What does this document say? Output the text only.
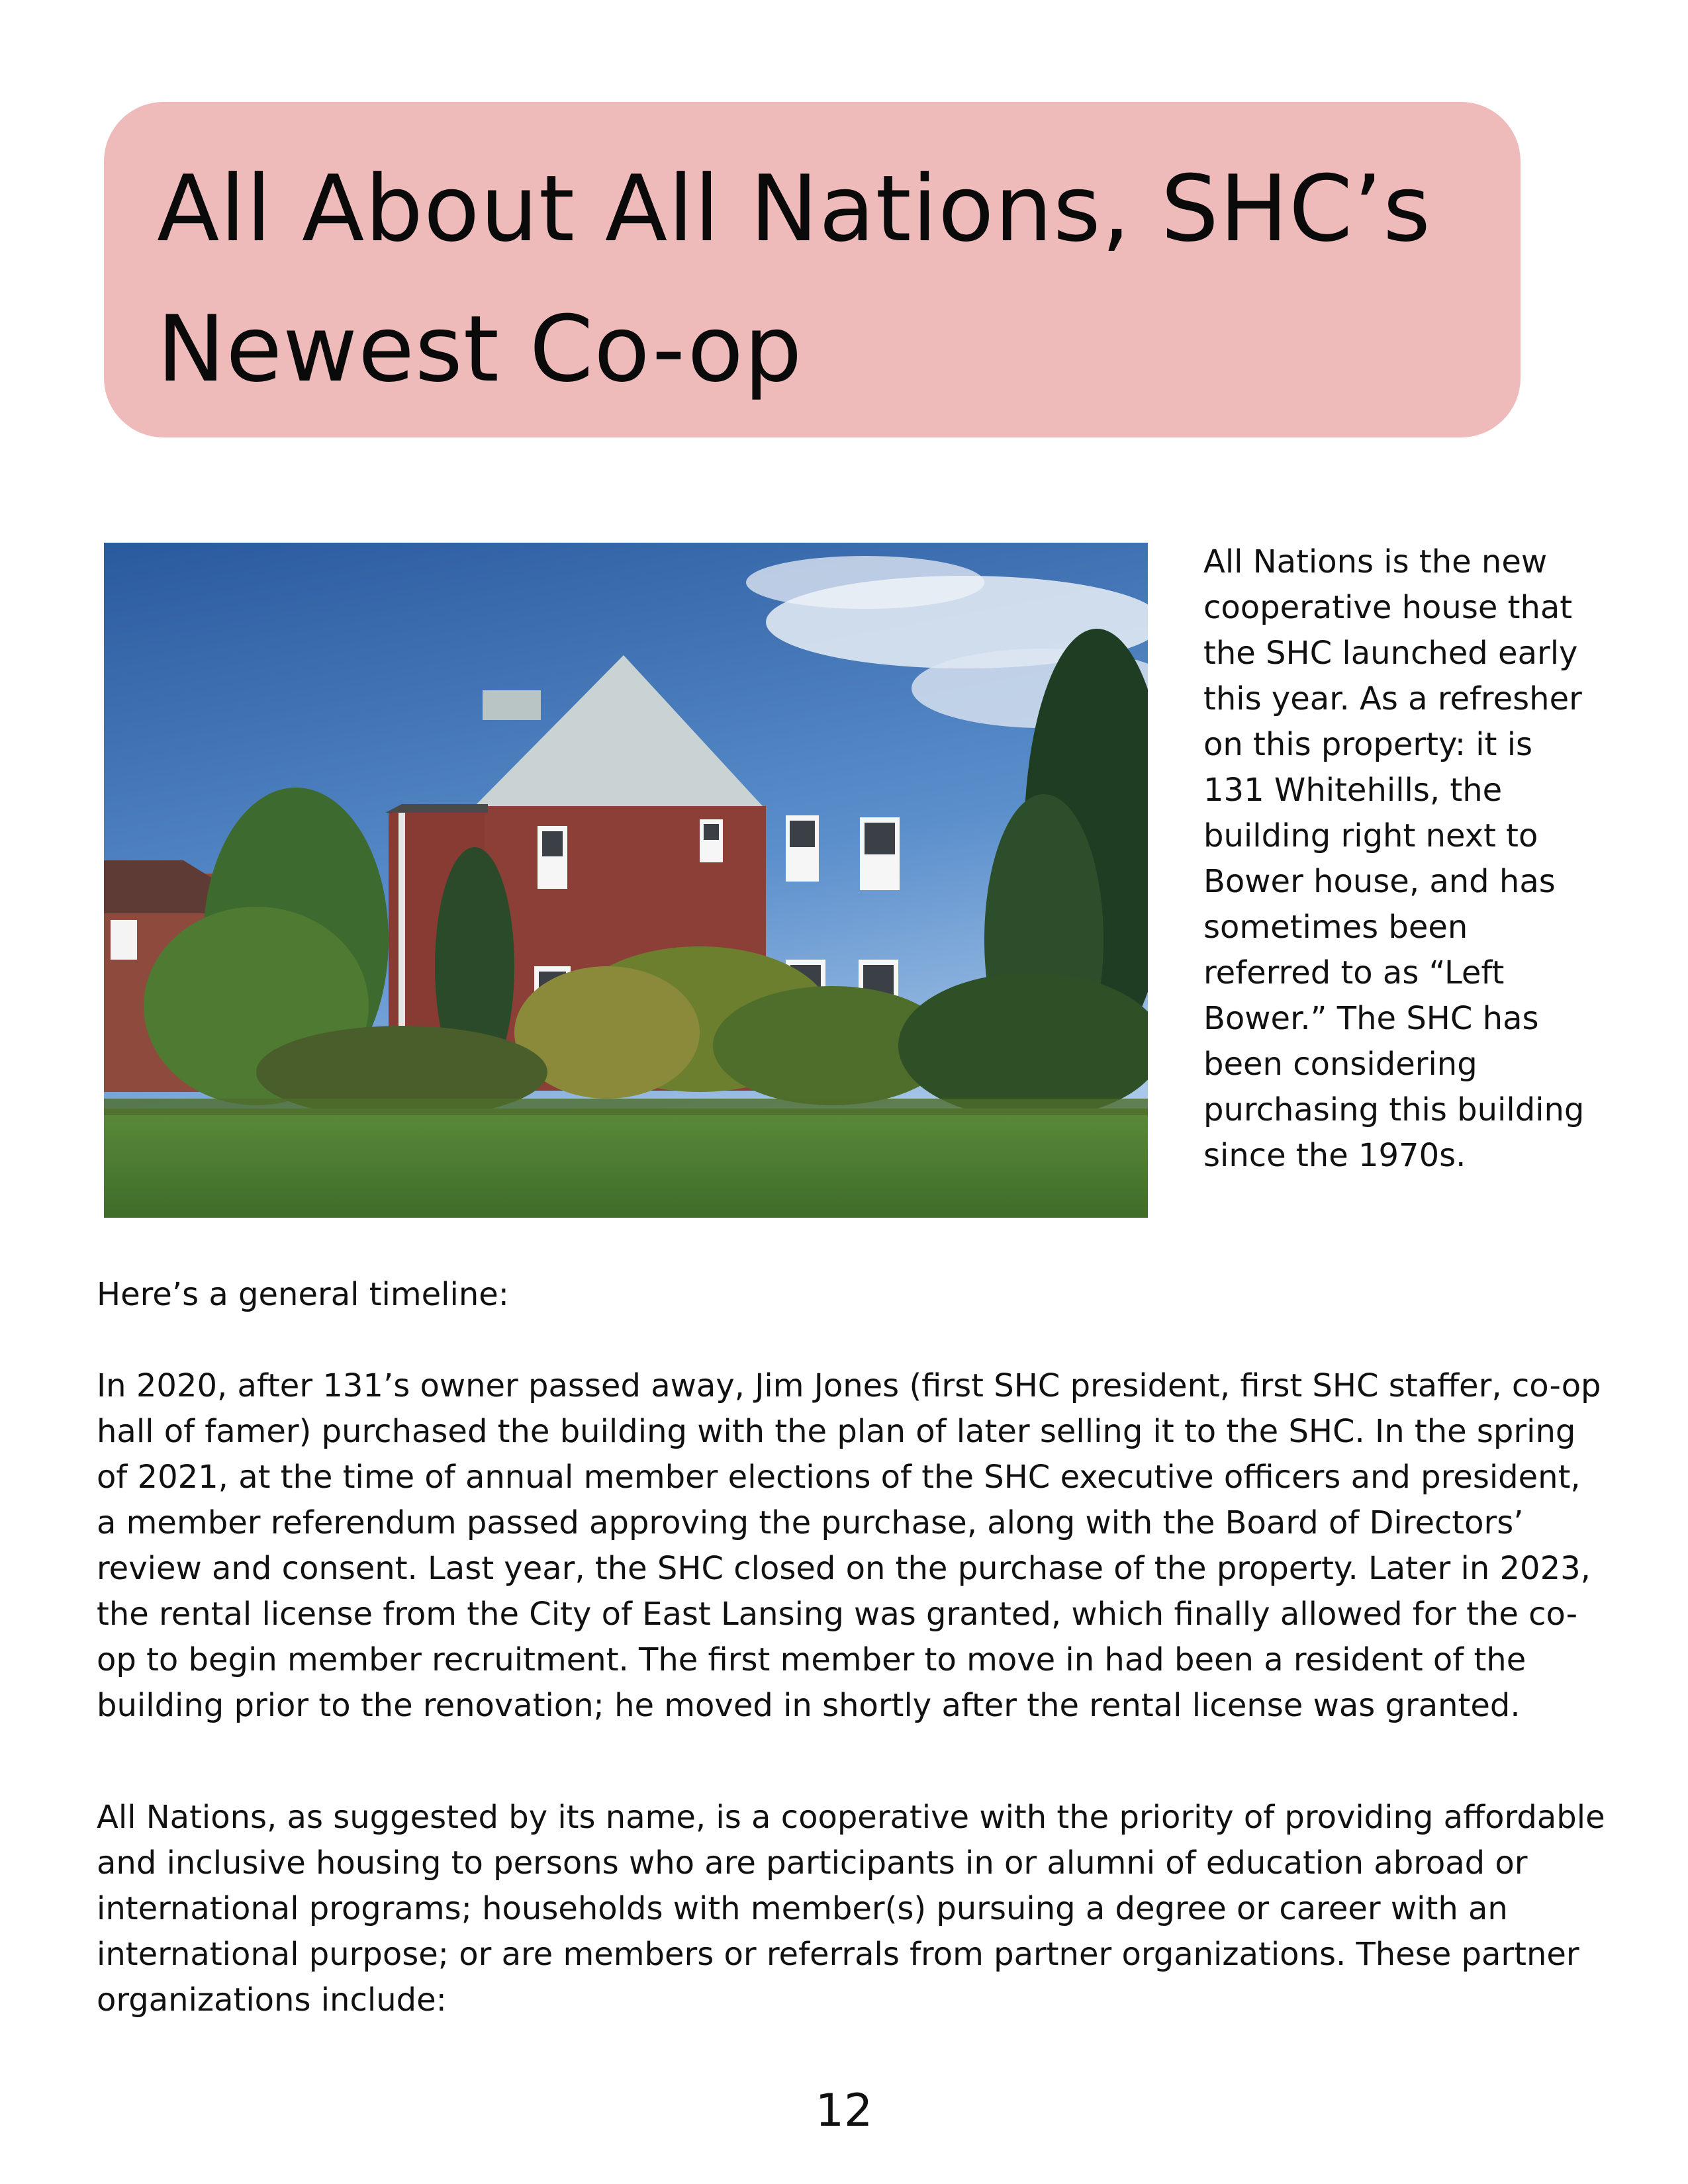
All About All Nations, SHC’s
Newest Co-op

All Nations is the new cooperative house that the SHC launched early this year. As a refresher on this property: it is 131 Whitehills, the building right next to Bower house, and has sometimes been referred to as “Left Bower.” The SHC has been considering purchasing this building since the 1970s.

Here’s a general timeline:

In 2020, after 131’s owner passed away, Jim Jones (first SHC president, first SHC staffer, co-op hall of famer) purchased the building with the plan of later selling it to the SHC. In the spring of 2021, at the time of annual member elections of the SHC executive officers and president, a member referendum passed approving the purchase, along with the Board of Directors’ review and consent. Last year, the SHC closed on the purchase of the property. Later in 2023, the rental license from the City of East Lansing was granted, which finally allowed for the co-op to begin member recruitment. The first member to move in had been a resident of the building prior to the renovation; he moved in shortly after the rental license was granted.

All Nations, as suggested by its name, is a cooperative with the priority of providing affordable and inclusive housing to persons who are participants in or alumni of education abroad or international programs; households with member(s) pursuing a degree or career with an international purpose; or are members or referrals from partner organizations. These partner organizations include:

12
